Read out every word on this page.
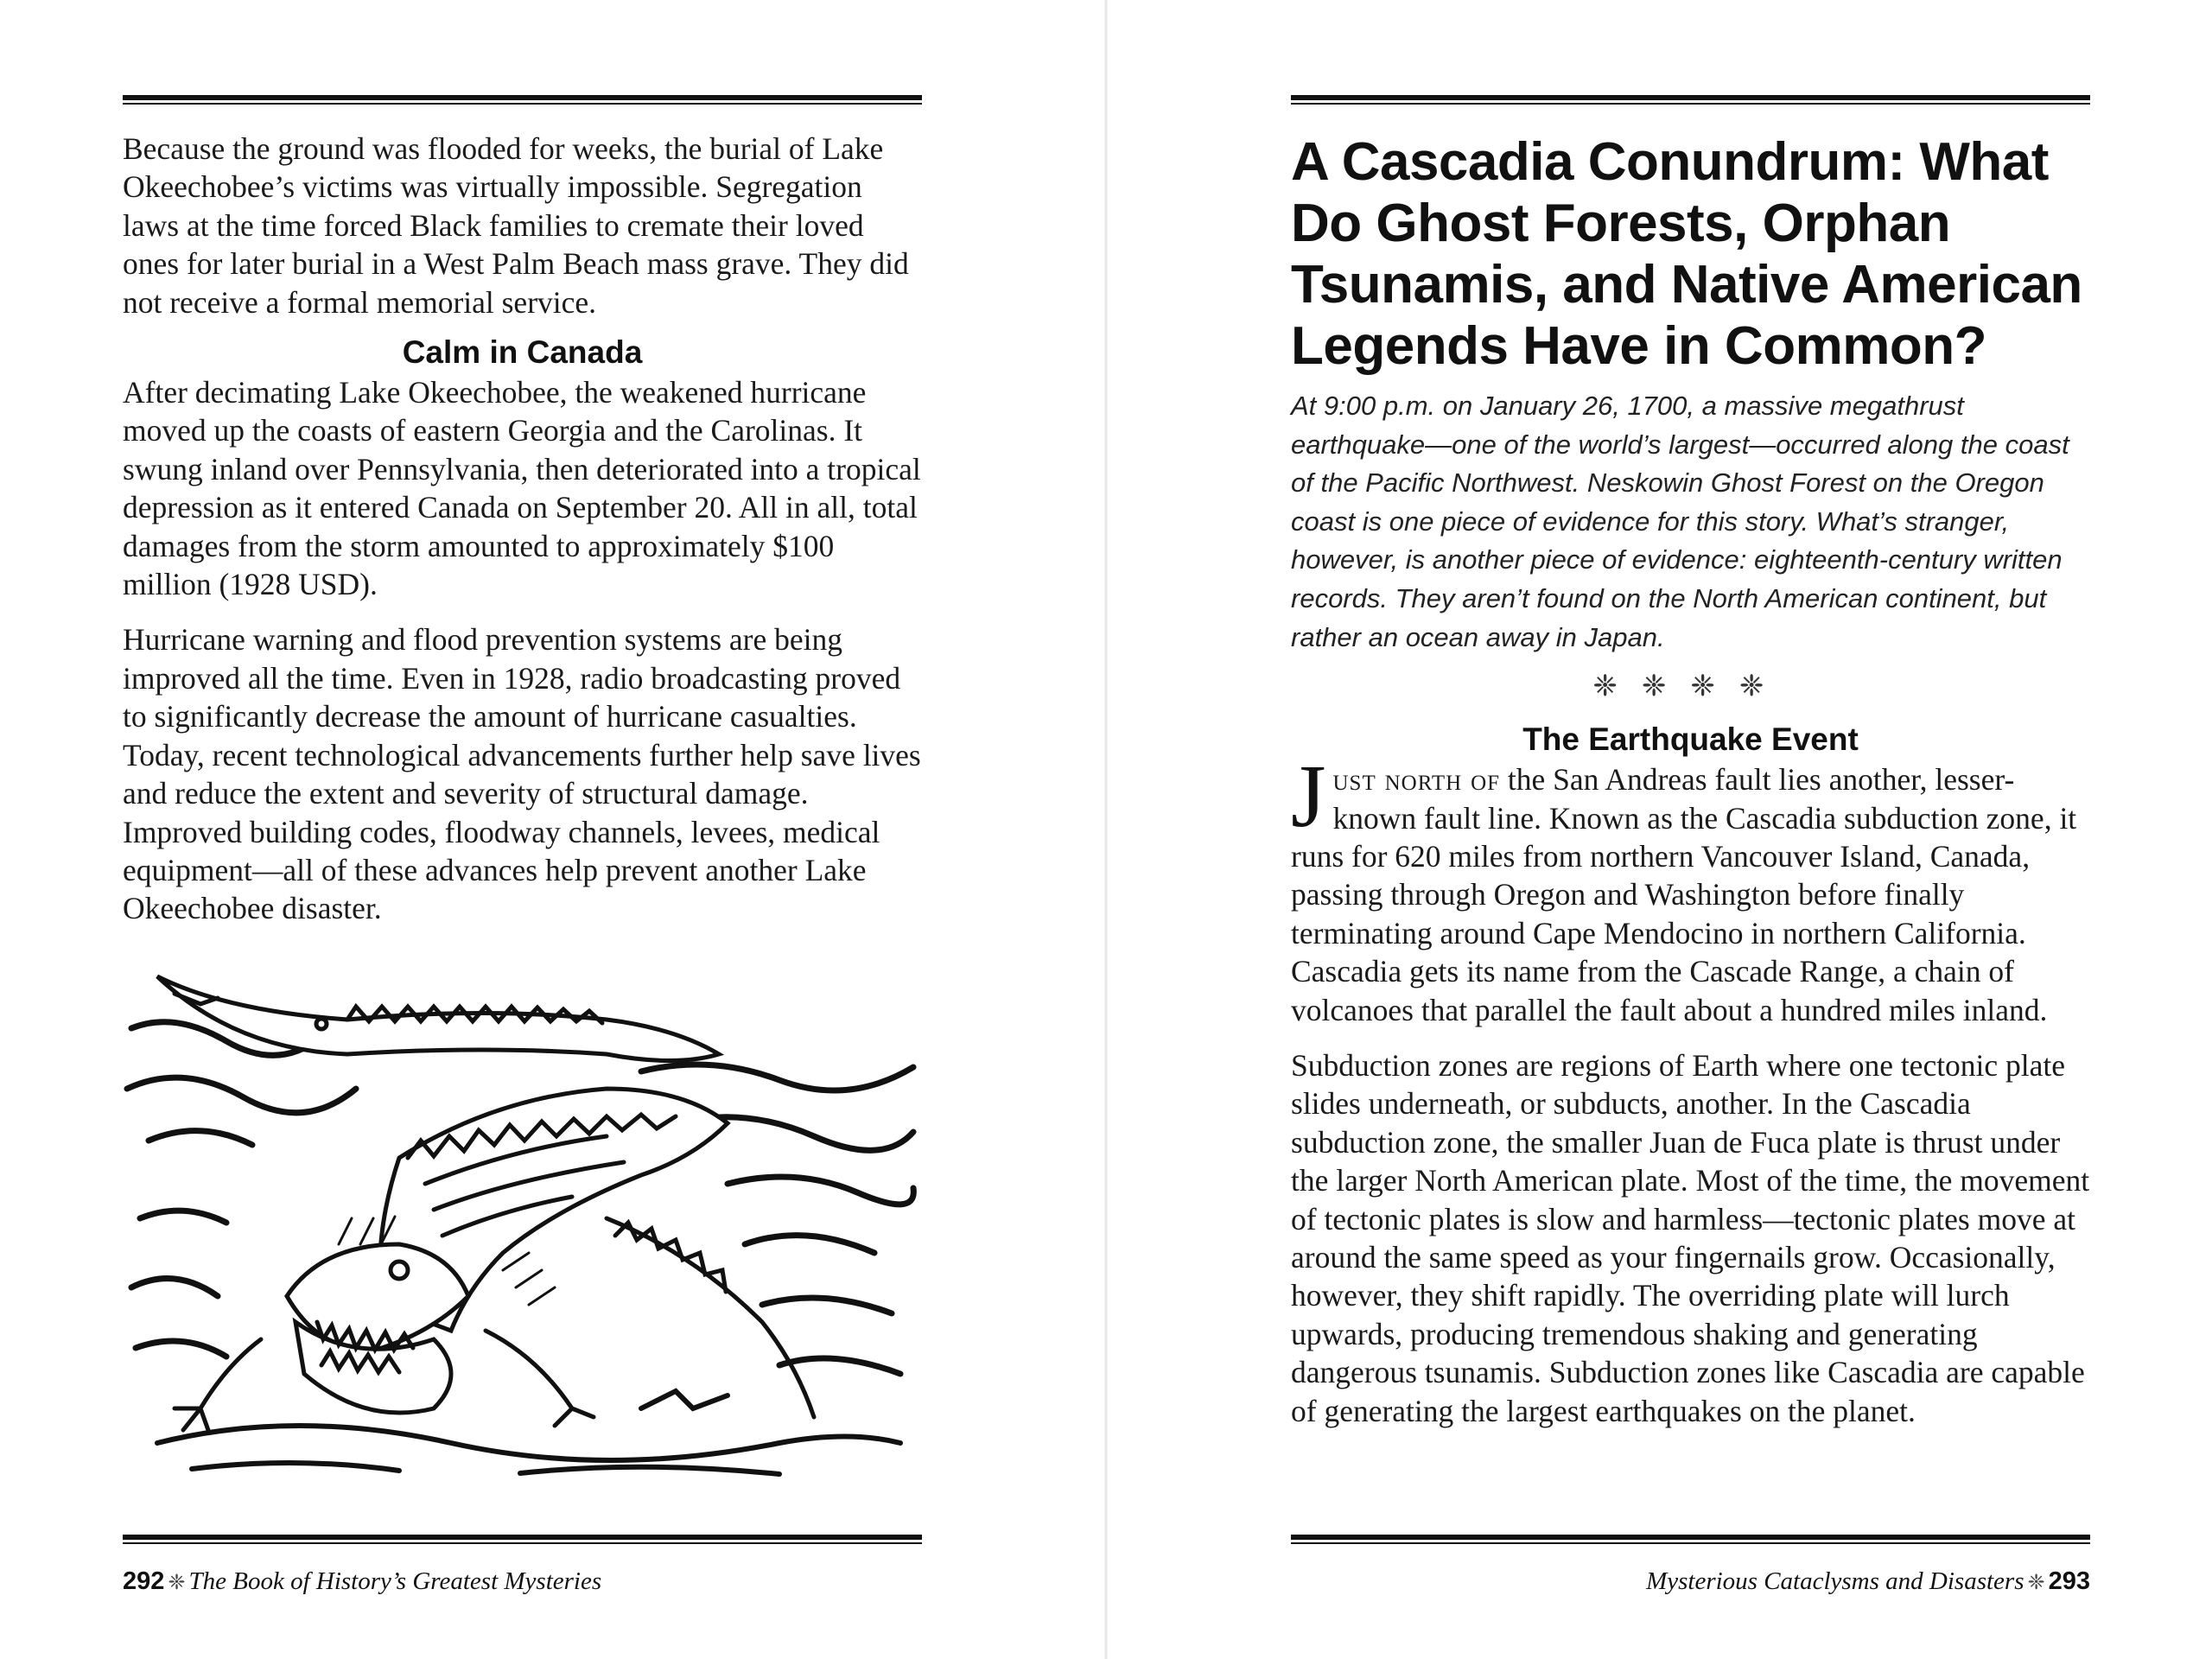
Because the ground was flooded for weeks, the burial of Lake Okeechobee’s victims was virtually impossible. Segregation laws at the time forced Black families to cremate their loved ones for later burial in a West Palm Beach mass grave. They did not receive a formal memorial service.

Calm in Canada

After decimating Lake Okeechobee, the weakened hurricane moved up the coasts of eastern Georgia and the Carolinas. It swung inland over Pennsylvania, then deteriorated into a tropical depression as it entered Canada on September 20. All in all, total damages from the storm amounted to approximately $100 million (1928 USD).

Hurricane warning and flood prevention systems are being improved all the time. Even in 1928, radio broadcasting proved to significantly decrease the amount of hurricane casualties. Today, recent technological advancements further help save lives and reduce the extent and severity of structural damage. Improved building codes, floodway channels, levees, medical equipment—all of these advances help prevent another Lake Okeechobee disaster.

292 ❈ The Book of History’s Greatest Mysteries
A Cascadia Conundrum: What Do Ghost Forests, Orphan Tsunamis, and Native American Legends Have in Common?

At 9:00 p.m. on January 26, 1700, a massive megathrust earthquake—one of the world’s largest—occurred along the coast of the Pacific Northwest. Neskowin Ghost Forest on the Oregon coast is one piece of evidence for this story. What’s stranger, however, is another piece of evidence: eighteenth-century written records. They aren’t found on the North American continent, but rather an ocean away in Japan.

❈❈❈❈
The Earthquake Event

Just north of the San Andreas fault lies another, lesser-known fault line. Known as the Cascadia subduction zone, it runs for 620 miles from northern Vancouver Island, Canada, passing through Oregon and Washington before finally terminating around Cape Mendocino in northern California. Cascadia gets its name from the Cascade Range, a chain of volcanoes that parallel the fault about a hundred miles inland.

Subduction zones are regions of Earth where one tectonic plate slides underneath, or subducts, another. In the Cascadia subduction zone, the smaller Juan de Fuca plate is thrust under the larger North American plate. Most of the time, the movement of tectonic plates is slow and harmless—tectonic plates move at around the same speed as your fingernails grow. Occasionally, however, they shift rapidly. The overriding plate will lurch upwards, producing tremendous shaking and generating dangerous tsunamis. Subduction zones like Cascadia are capable of generating the largest earthquakes on the planet.

Mysterious Cataclysms and Disasters ❈ 293
